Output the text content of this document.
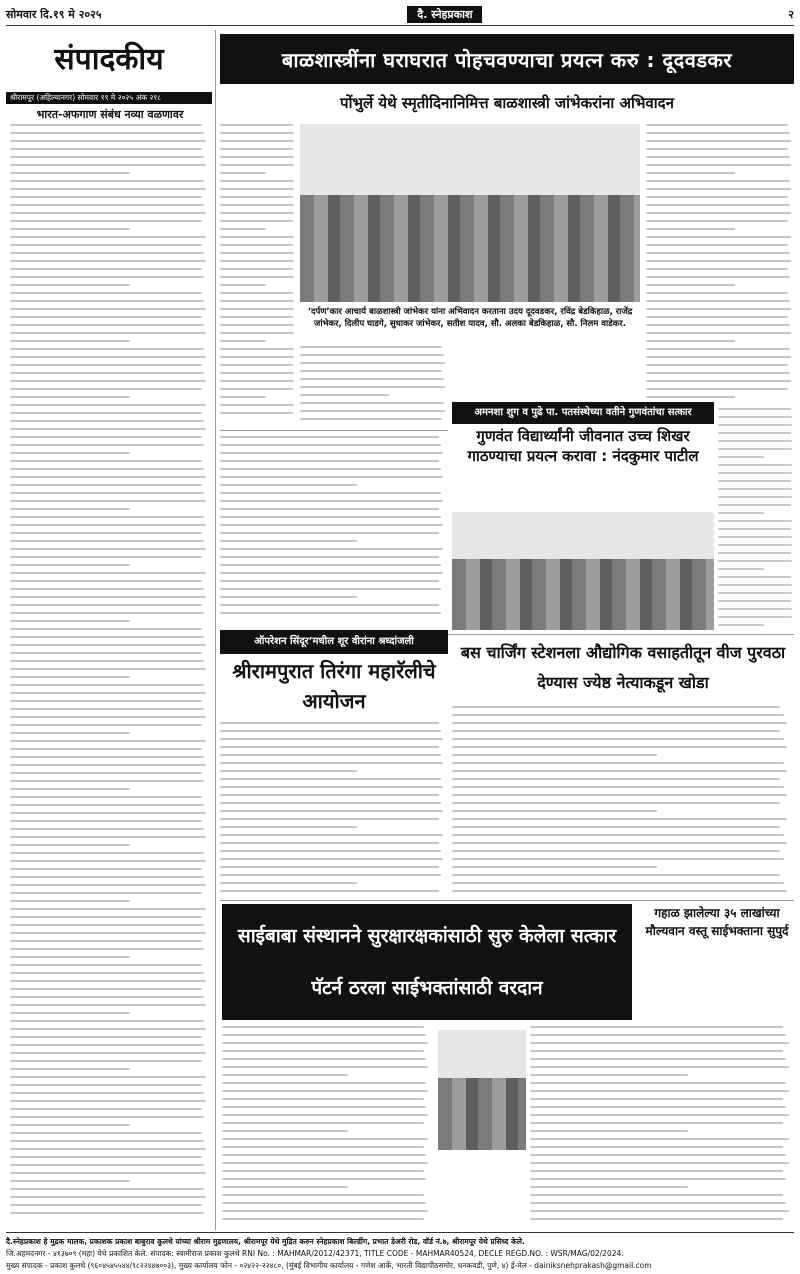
सोमवार दि.१९ मे २०२५	दै. स्नेहप्रकाश	२
संपादकीय
श्रीरामपूर (अहिल्यानगर) सोमवार १९ मे २०२५ अंक २१८
भारत-अफगाण संबंध नव्या वळणावर
बाळशास्त्रींना घराघरात पोहचवण्याचा प्रयत्न करु : दूदवडकर
पोंभुर्ले येथे स्मृतीदिनानिमित्त बाळशास्त्री जांभेकरांना अभिवादन
‘दर्पण’कार आचार्य बाळशास्त्री जांभेकर यांना अभिवादन करताना उदय दूदवडकर, रविंद्र बेडकिहाळ, राजेंद्र जांभेकर, दिलीप घाडगे, सुधाकर जांभेकर, सतीश यादव, सौ. अलका बेडकिहाळ, सौ. निलम वाडेकर.
अमनशा शुग व पुढे पा. पतसंस्थेच्या वतीने गुणवंतांचा सत्कार
गुणवंत विद्यार्थ्यांनी जीवनात उच्च शिखर गाठण्याचा प्रयत्न करावा : नंदकुमार पाटील
ऑपरेशन सिंदूर’मधील शूर वीरांना श्रध्दांजली
श्रीरामपुरात तिरंगा महारॅलीचे आयोजन
बस चार्जिंग स्टेशनला औद्योगिक वसाहतीतून वीज पुरवठा देण्यास ज्येष्ठ नेत्याकडून खोडा
साईबाबा संस्थानने सुरक्षारक्षकांसाठी सुरु केलेला सत्कार पॅटर्न ठरला साईभक्तांसाठी वरदान
गहाळ झालेल्या ३५ लाखांच्या मौल्यवान वस्तू साईभक्ताना सुपुर्द
दै.स्नेहप्रकाश हे मुद्रक मालक, प्रकाशक प्रकाश बाबुराव कुलथे यांच्या श्रीराम मुद्रणालय, श्रीरामपूर येथे मुद्रित करुन स्नेहप्रकाश बिल्डींग, प्रभात डेअरी रोड, वॉर्ड नं.७, श्रीरामपूर येथे प्रसिध्द केले.
जि.अहमदनगर - ४१३७०९ (महा) येथे प्रकाशित केले. संपादक: स्वामीराज प्रकाश कुलथे RNI No. : MAHMAR/2012/42371, TITLE CODE - MAHMAR40524, DECLE REGD.NO. : WSR/MAG/02/2024.
मुख्य संपादक - प्रकाश कुलथे (९६०४५४५५४४/९८२२४४७००३), मुख्य कार्यालय फोन - ०२४२२-२२४८०, (मुंबई विभागीय कार्यालय - गणेश आर्के, भारती विद्यापीठसमोर, धनकवडी, पुणे, ४) ई-मेल - dainiksnehprakash@gmail.com
